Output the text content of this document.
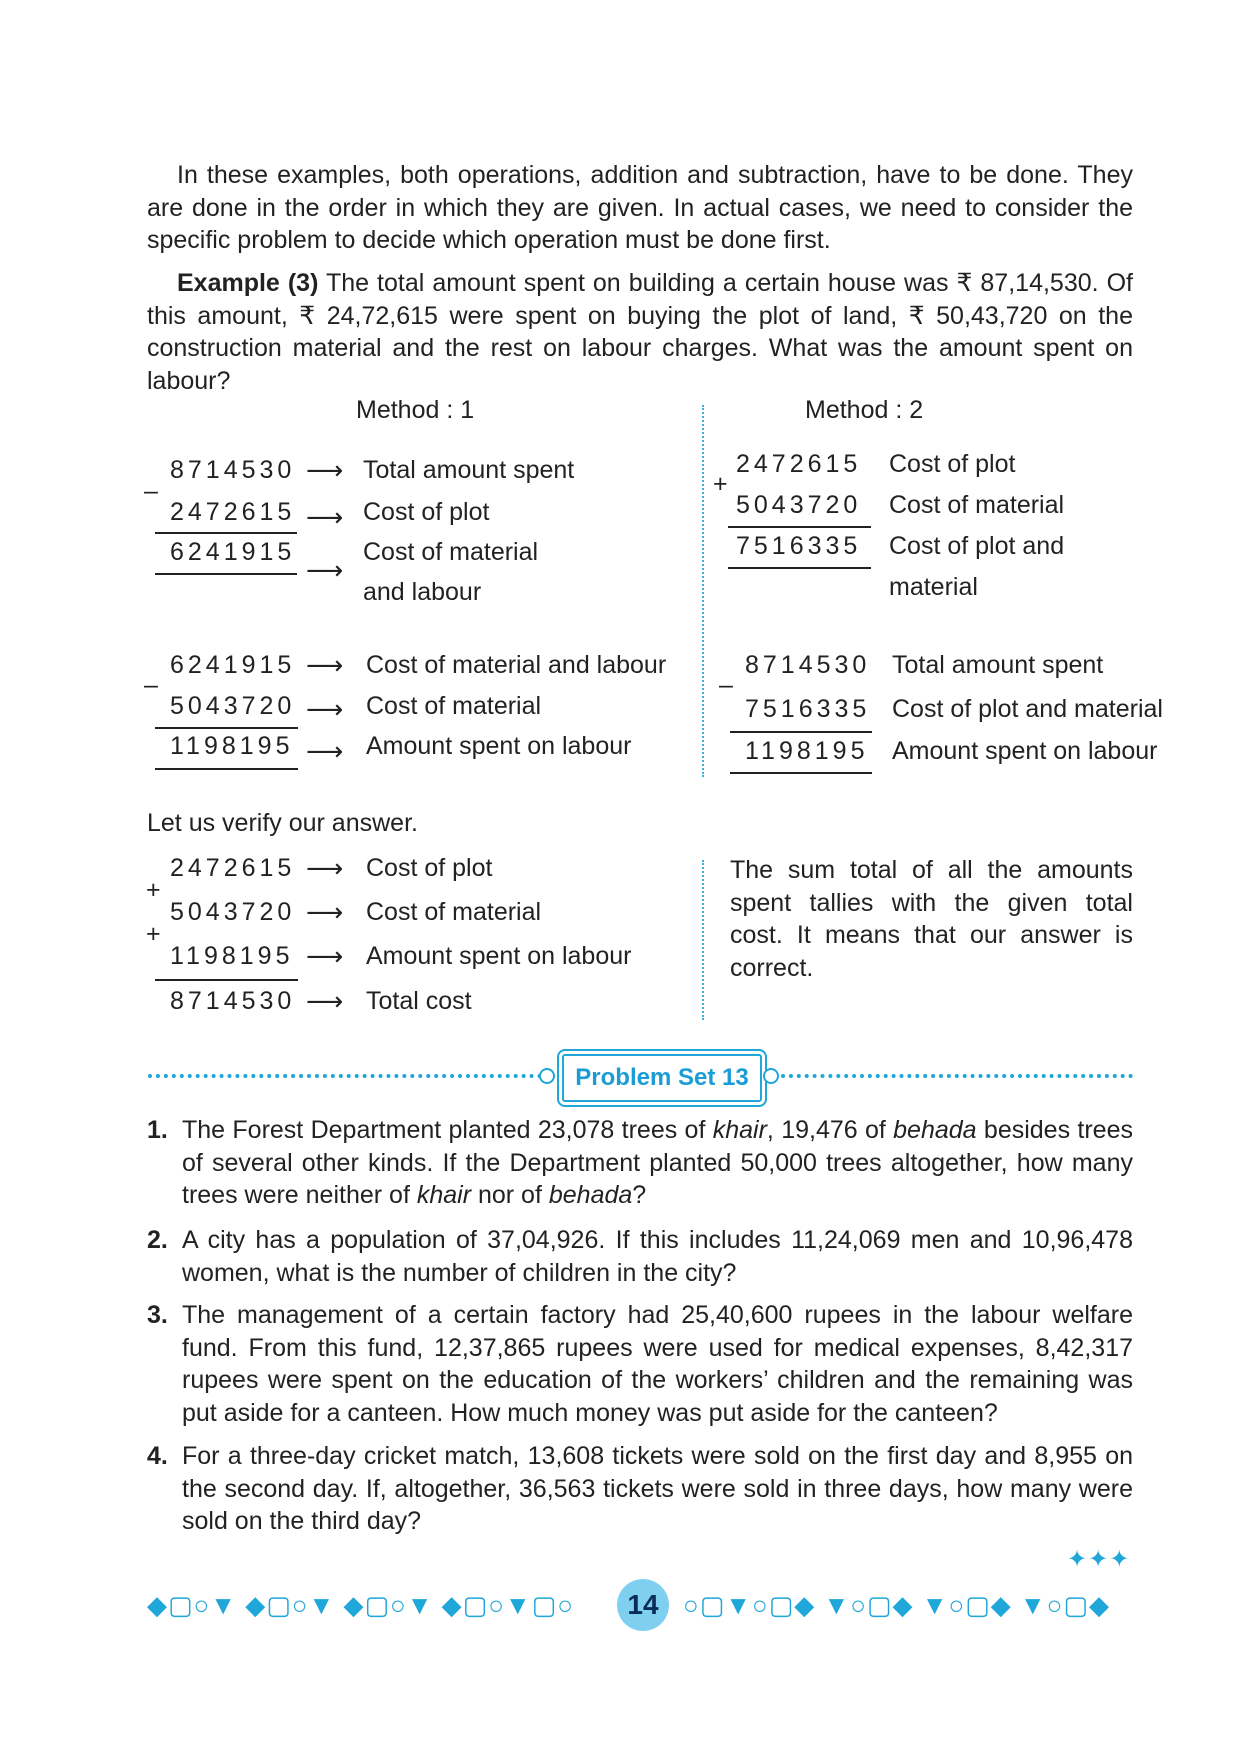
In these examples, both operations, addition and subtraction, have to be done. They are done in the order in which they are given. In actual cases, we need to consider the specific problem to decide which operation must be done first.

Example (3) The total amount spent on building a certain house was ₹ 87,14,530. Of this amount, ₹ 24,72,615 were spent on buying the plot of land, ₹ 50,43,720 on the construction material and the rest on labour charges. What was the amount spent on labour?

Method : 1	Method : 2
–
8714530 ⟶ Total amount spent
2472615 ⟶ Cost of plot
6241915
⟶
Cost of material
and labour
–
6241915 ⟶ Cost of material and labour
5043720 ⟶ Cost of material
1198195 ⟶ Amount spent on labour
+
2472615 Cost of plot
5043720 Cost of material
7516335 Cost of plot and
material
–
8714530 Total amount spent
7516335 Cost of plot and material
1198195 Amount spent on labour
Let us verify our answer.
+
+
2472615 ⟶ Cost of plot
5043720 ⟶ Cost of material
1198195 ⟶ Amount spent on labour
8714530 ⟶ Total cost

The sum total of all the amounts spent tallies with the given total cost. It means that our answer is correct.

Problem Set 13
1. The Forest Department planted 23,078 trees of khair, 19,476 of behada besides trees of several other kinds. If the Department planted 50,000 trees altogether, how many trees were neither of khair nor of behada?

2. A city has a population of 37,04,926. If this includes 11,24,069 men and 10,96,478 women, what is the number of children in the city?

3. The management of a certain factory had 25,40,600 rupees in the labour welfare fund. From this fund, 12,37,865 rupees were used for medical expenses, 8,42,317 rupees were spent on the education of the workers’ children and the remaining was put aside for a canteen. How much money was put aside for the canteen?

4. For a three-day cricket match, 13,608 tickets were sold on the first day and 8,955 on the second day. If, altogether, 36,563 tickets were sold in three days, how many were sold on the third day?

✦✦✦
◆▢○▼ ◆▢○▼ ◆▢○▼ ◆▢○▼▢○	14 ○▢▼○▢◆ ▼○▢◆ ▼○▢◆ ▼○▢◆
